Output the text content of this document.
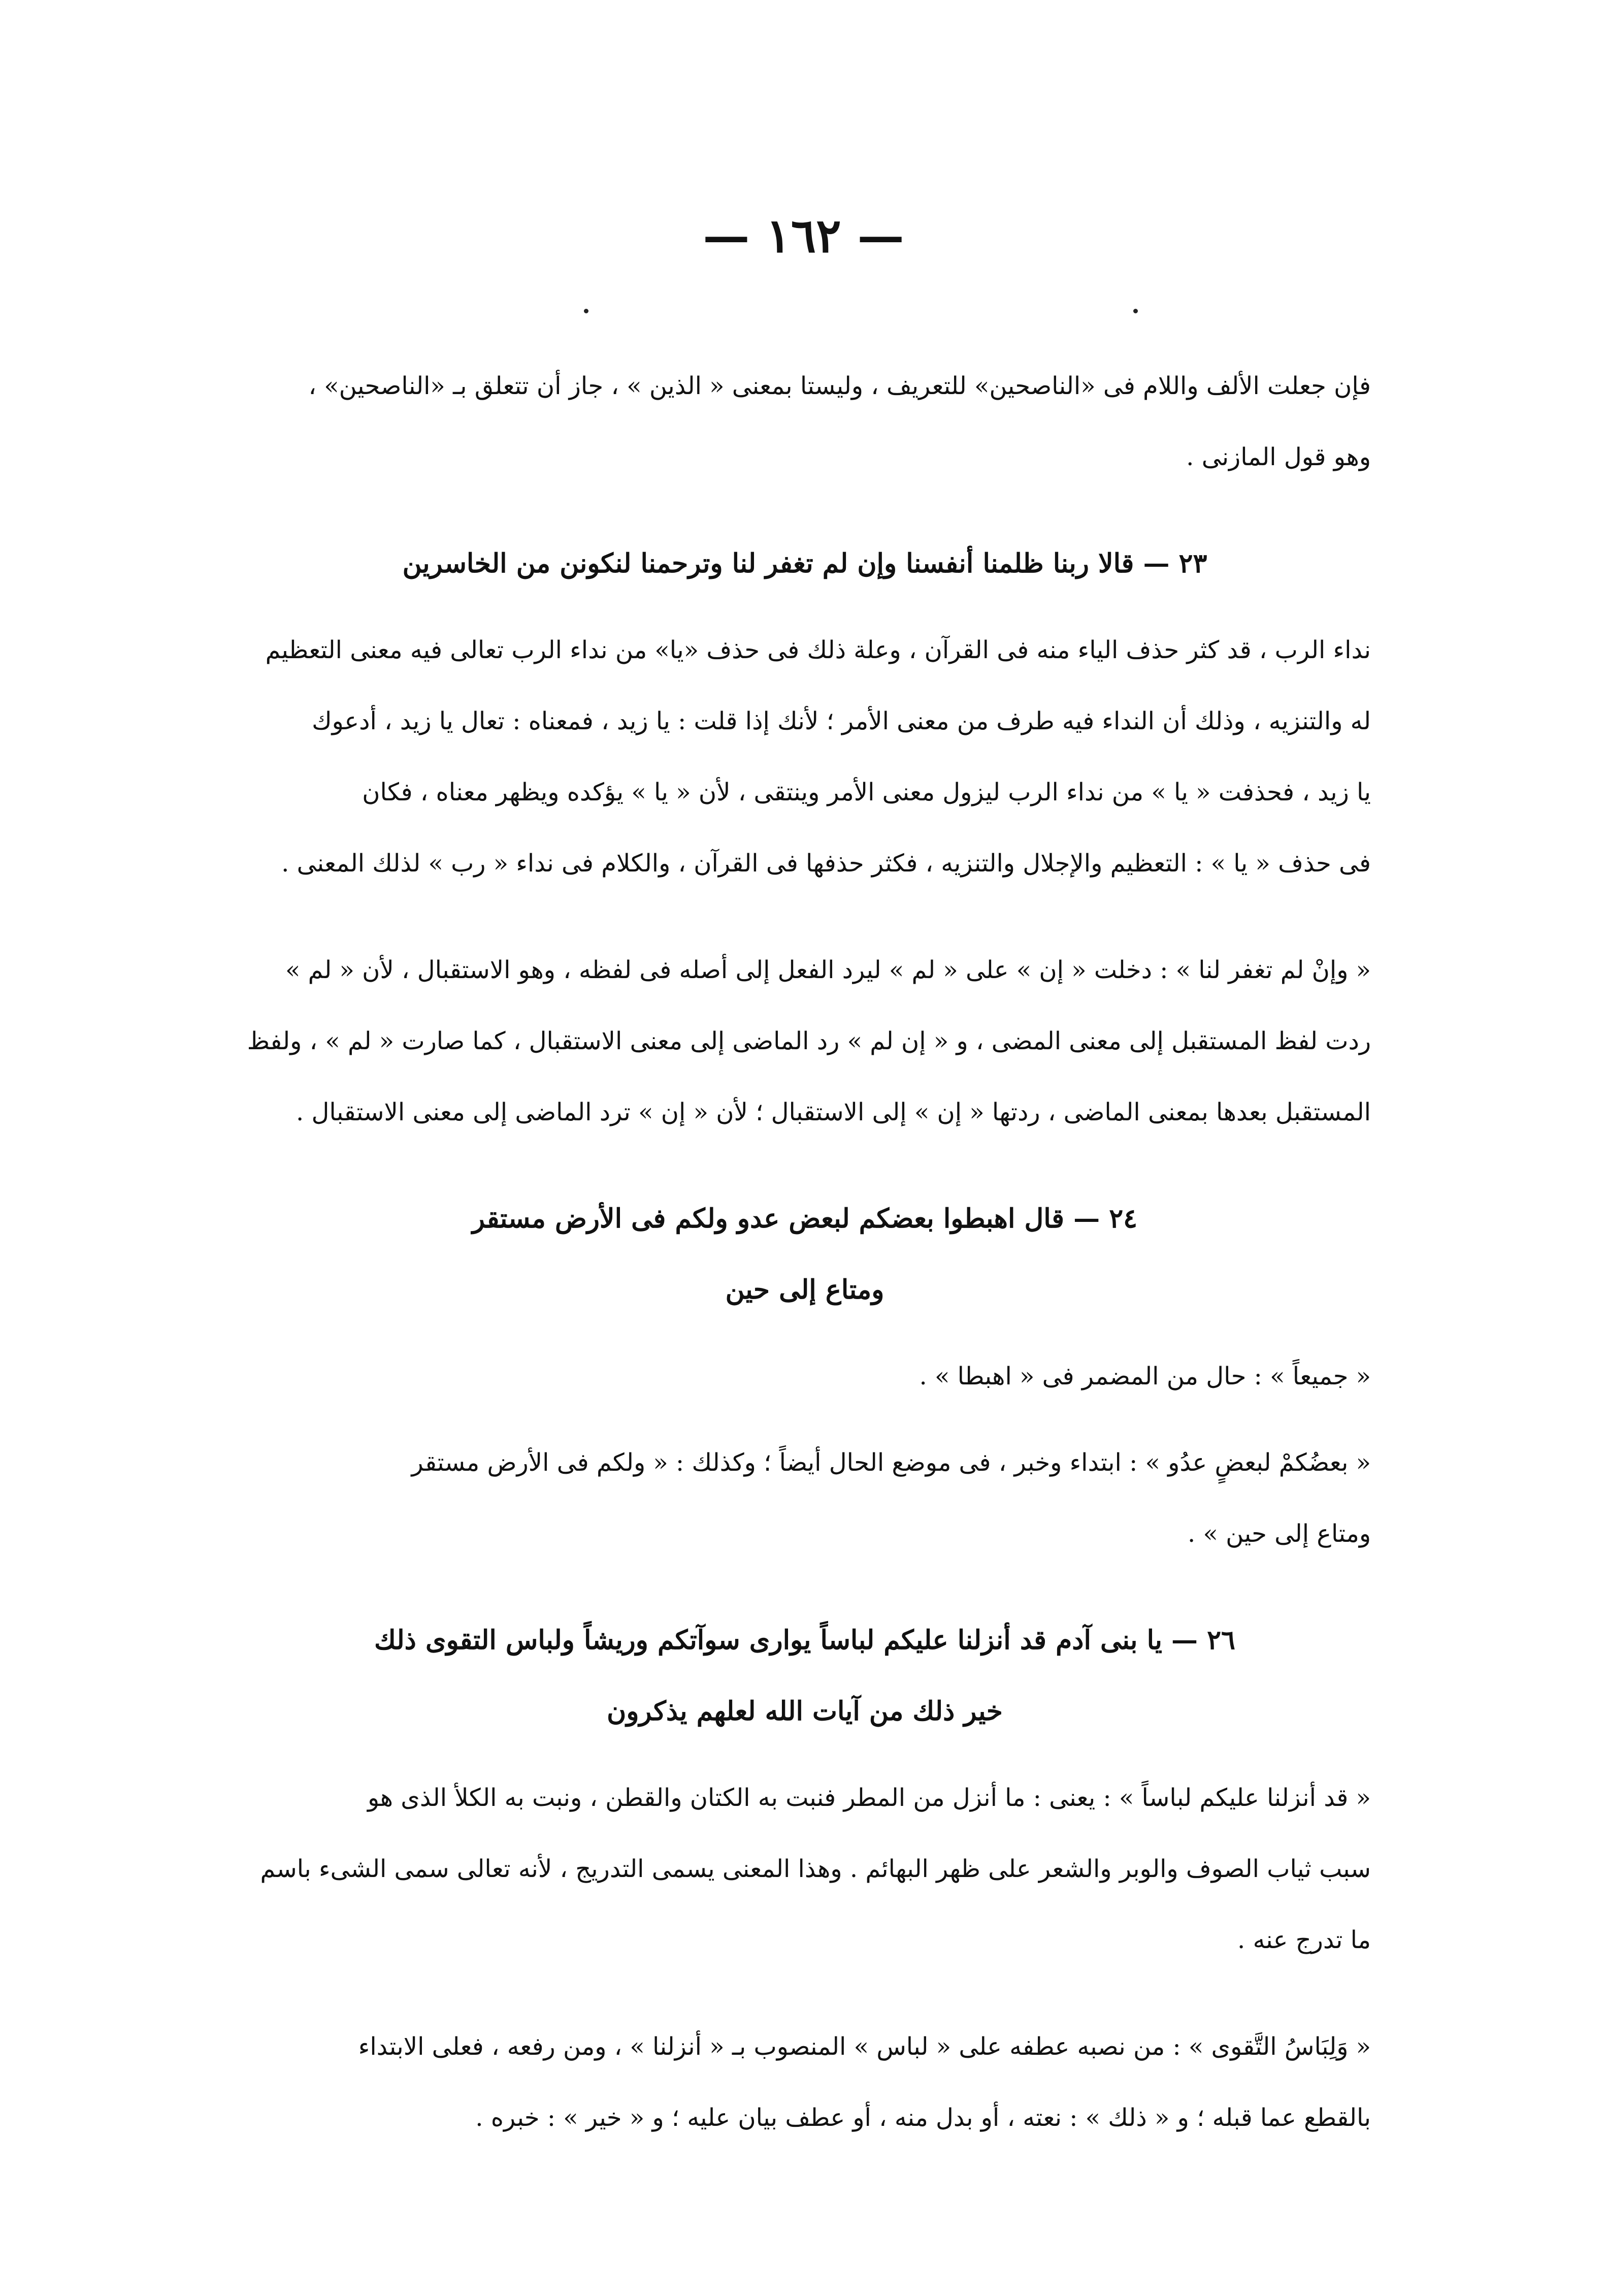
— ١٦٢ —
فإن جعلت الألف واللام فى «الناصحين» للتعريف ، وليستا بمعنى « الذين » ، جاز أن تتعلق بـ «الناصحين» ،
وهو قول المازنى .
٢٣ — قالا ربنا ظلمنا أنفسنا وإن لم تغفر لنا وترحمنا لنكونن من الخاسرين
نداء الرب ، قد كثر حذف الياء منه فى القرآن ، وعلة ذلك فى حذف «يا» من نداء الرب تعالى فيه معنى التعظيم
له والتنزيه ، وذلك أن النداء فيه طرف من معنى الأمر ؛ لأنك إذا قلت : يا زيد ، فمعناه : تعال يا زيد ، أدعوك
يا زيد ، فحذفت « يا » من نداء الرب ليزول معنى الأمر وينتقى ، لأن « يا » يؤكده ويظهر معناه ، فكان
فى حذف « يا » : التعظيم والإجلال والتنزيه ، فكثر حذفها فى القرآن ، والكلام فى نداء « رب » لذلك المعنى .
« وإنْ لم تغفر لنا » : دخلت « إن » على « لم » ليرد الفعل إلى أصله فى لفظه ، وهو الاستقبال ، لأن « لم »
ردت لفظ المستقبل إلى معنى المضى ، و « إن لم » رد الماضى إلى معنى الاستقبال ، كما صارت « لم » ، ولفظ
المستقبل بعدها بمعنى الماضى ، ردتها « إن » إلى الاستقبال ؛ لأن « إن » ترد الماضى إلى معنى الاستقبال .
٢٤ — قال اهبطوا بعضكم لبعض عدو ولكم فى الأرض مستقر
ومتاع إلى حين
« جميعاً » : حال من المضمر فى « اهبطا » .
« بعضُكمْ لبعضٍ عدُو » : ابتداء وخبر ، فى موضع الحال أيضاً ؛ وكذلك : « ولكم فى الأرض مستقر
ومتاع إلى حين » .
٢٦ — يا بنى آدم قد أنزلنا عليكم لباساً يوارى سوآتكم وريشاً ولباس التقوى ذلك
خير ذلك من آيات الله لعلهم يذكرون
« قد أنزلنا عليكم لباساً » : يعنى : ما أنزل من المطر فنبت به الكتان والقطن ، ونبت به الكلأ الذى هو
سبب ثياب الصوف والوبر والشعر على ظهر البهائم . وهذا المعنى يسمى التدريج ، لأنه تعالى سمى الشىء باسم
ما تدرج عنه .
« وَلِبَاسُ التَّقوى » : من نصبه عطفه على « لباس » المنصوب بـ « أنزلنا » ، ومن رفعه ، فعلى الابتداء
بالقطع عما قبله ؛ و « ذلك » : نعته ، أو بدل منه ، أو عطف بيان عليه ؛ و « خير » : خبره .
